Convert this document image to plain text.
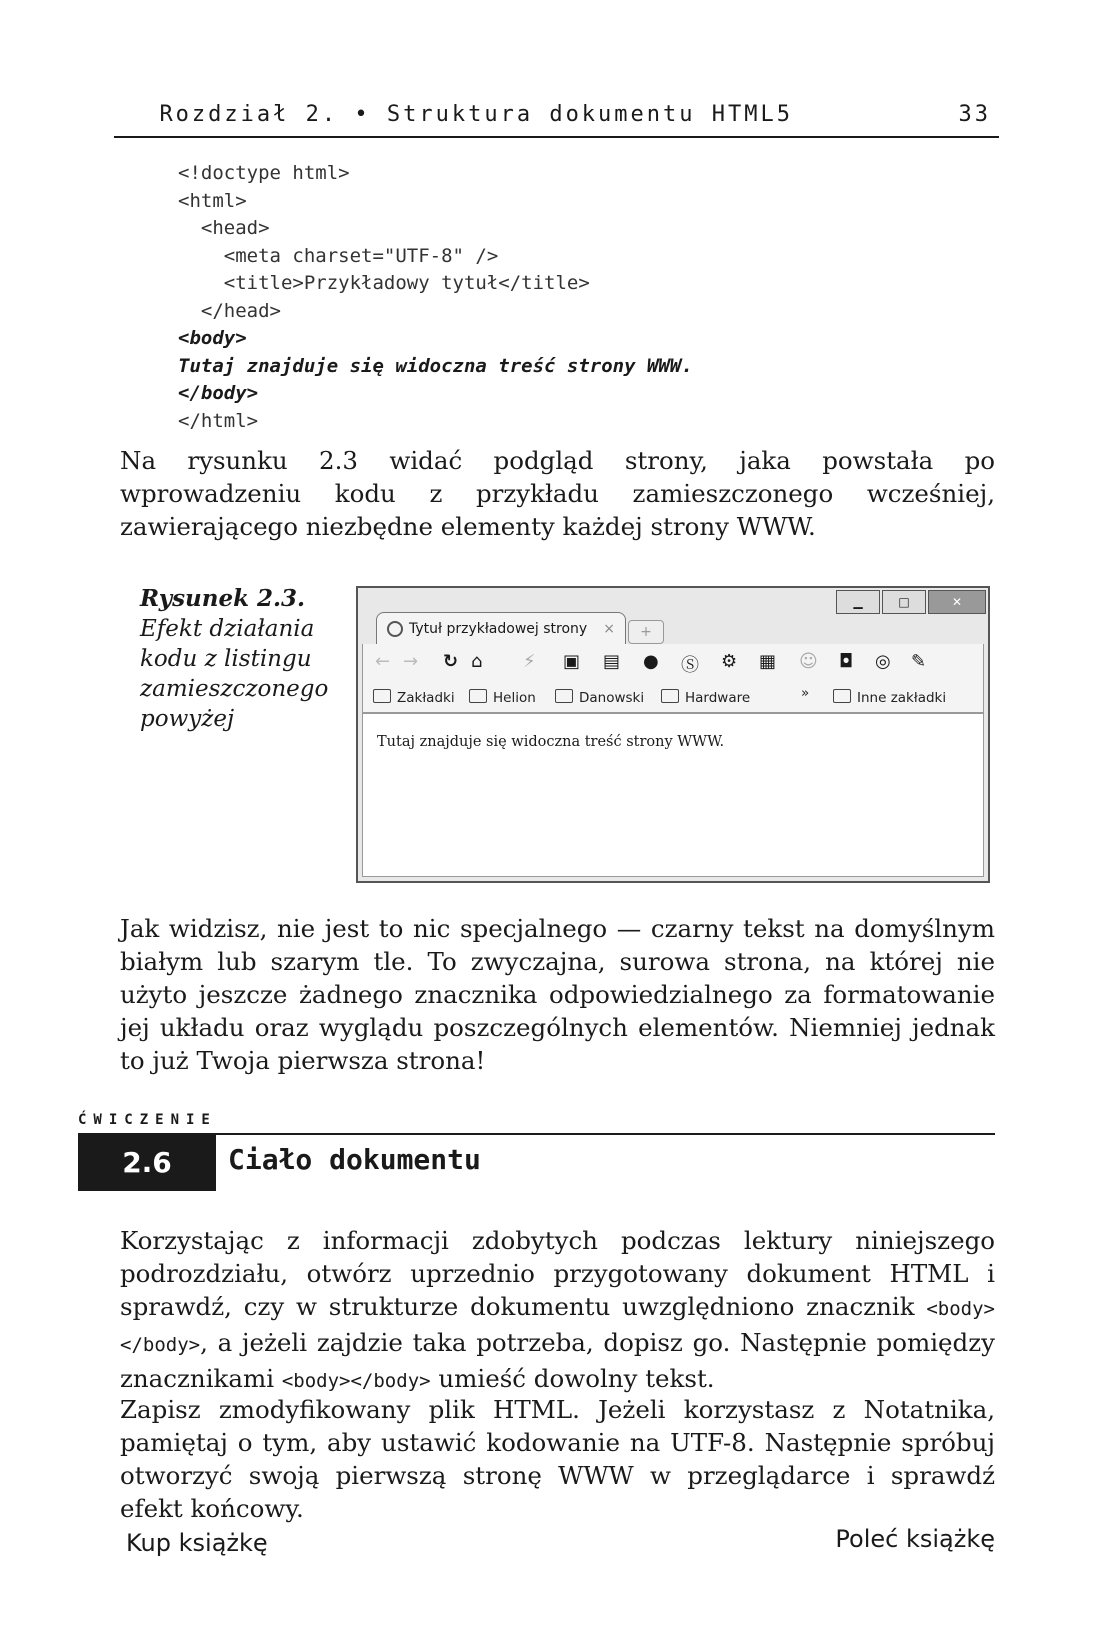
Rozdział 2. • Struktura dokumentu HTML5	33
<!doctype html>
<html>
<head>
<meta charset="UTF-8" />
<title>Przykładowy tytuł</title>
</head>
<body>
Tutaj znajduje się widoczna treść strony WWW.
</body>
</html>
Na rysunku 2.3 widać podgląd strony, jaka powstała po wprowadzeniu kodu z przykładu zamieszczonego wcześniej, zawierającego niezbędne elementy każdej strony WWW.
Rysunek 2.3.
Efekt działania kodu z listingu zamieszczonego powyżej
▁	□	✕
Tytuł przykładowej strony ×	+
← → ↻ ⌂ ⚡ ▣ ▤ ● Ⓢ ⚙ ▦ ☺ ◘ ◎ ✎
Zakładki	Helion	Danowski	Hardware	»	Inne zakładki
Tutaj znajduje się widoczna treść strony WWW.
Jak widzisz, nie jest to nic specjalnego — czarny tekst na domyślnym białym lub szarym tle. To zwyczajna, surowa strona, na której nie użyto jeszcze żadnego znacznika odpowiedzialnego za formatowanie jej układu oraz wyglądu poszczególnych elementów. Niemniej jednak to już Twoja pierwsza strona!
ĆWICZENIE
2.6	Ciało dokumentu
Korzystając z informacji zdobytych podczas lektury niniejszego podrozdziału, otwórz uprzednio przygotowany dokument HTML i sprawdź, czy w strukturze dokumentu uwzględniono znacznik <body></body>, a jeżeli zajdzie taka potrzeba, dopisz go. Następnie pomiędzy znacznikami <body></body> umieść dowolny tekst.
Zapisz zmodyfikowany plik HTML. Jeżeli korzystasz z Notatnika, pamiętaj o tym, aby ustawić kodowanie na UTF-8. Następnie spróbuj otworzyć swoją pierwszą stronę WWW w przeglądarce i sprawdź efekt końcowy.
Kup książkę	Poleć książkę
